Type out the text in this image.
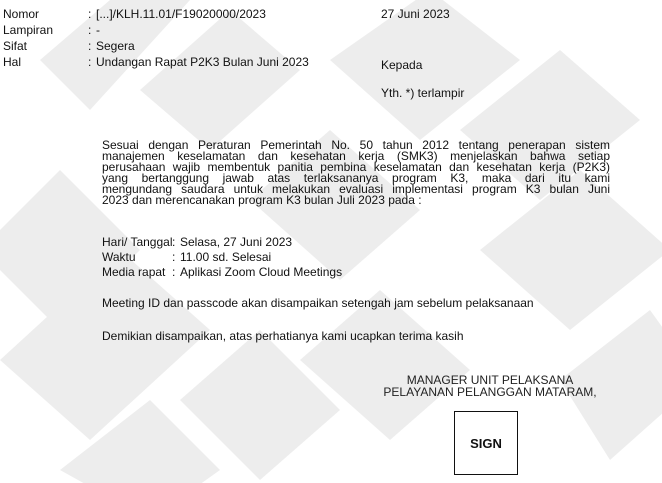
Nomor	: [...]/KLH.11.01/F19020000/2023
Lampiran	: -
Sifat	: Segera
Hal	: Undangan Rapat P2K3 Bulan Juni 2023
27 Juni 2023
Kepada
Yth. *) terlampir
Sesuai dengan Peraturan Pemerintah No. 50 tahun 2012 tentang penerapan sistem
manajemen keselamatan dan kesehatan kerja (SMK3) menjelaskan bahwa setiap
perusahaan wajib membentuk panitia pembina keselamatan dan kesehatan kerja (P2K3)
yang bertanggung jawab atas terlaksananya program K3, maka dari itu kami
mengundang saudara untuk melakukan evaluasi implementasi program K3 bulan Juni
2023 dan merencanakan program K3 bulan Juli 2023 pada :
Hari/ Tanggal : Selasa, 27 Juni 2023
Waktu	: 11.00 sd. Selesai
Media rapat : Aplikasi Zoom Cloud Meetings
Meeting ID dan passcode akan disampaikan setengah jam sebelum pelaksanaan
Demikian disampaikan, atas perhatianya kami ucapkan terima kasih
MANAGER UNIT PELAKSANA
PELAYANAN PELANGGAN MATARAM,
SIGN
